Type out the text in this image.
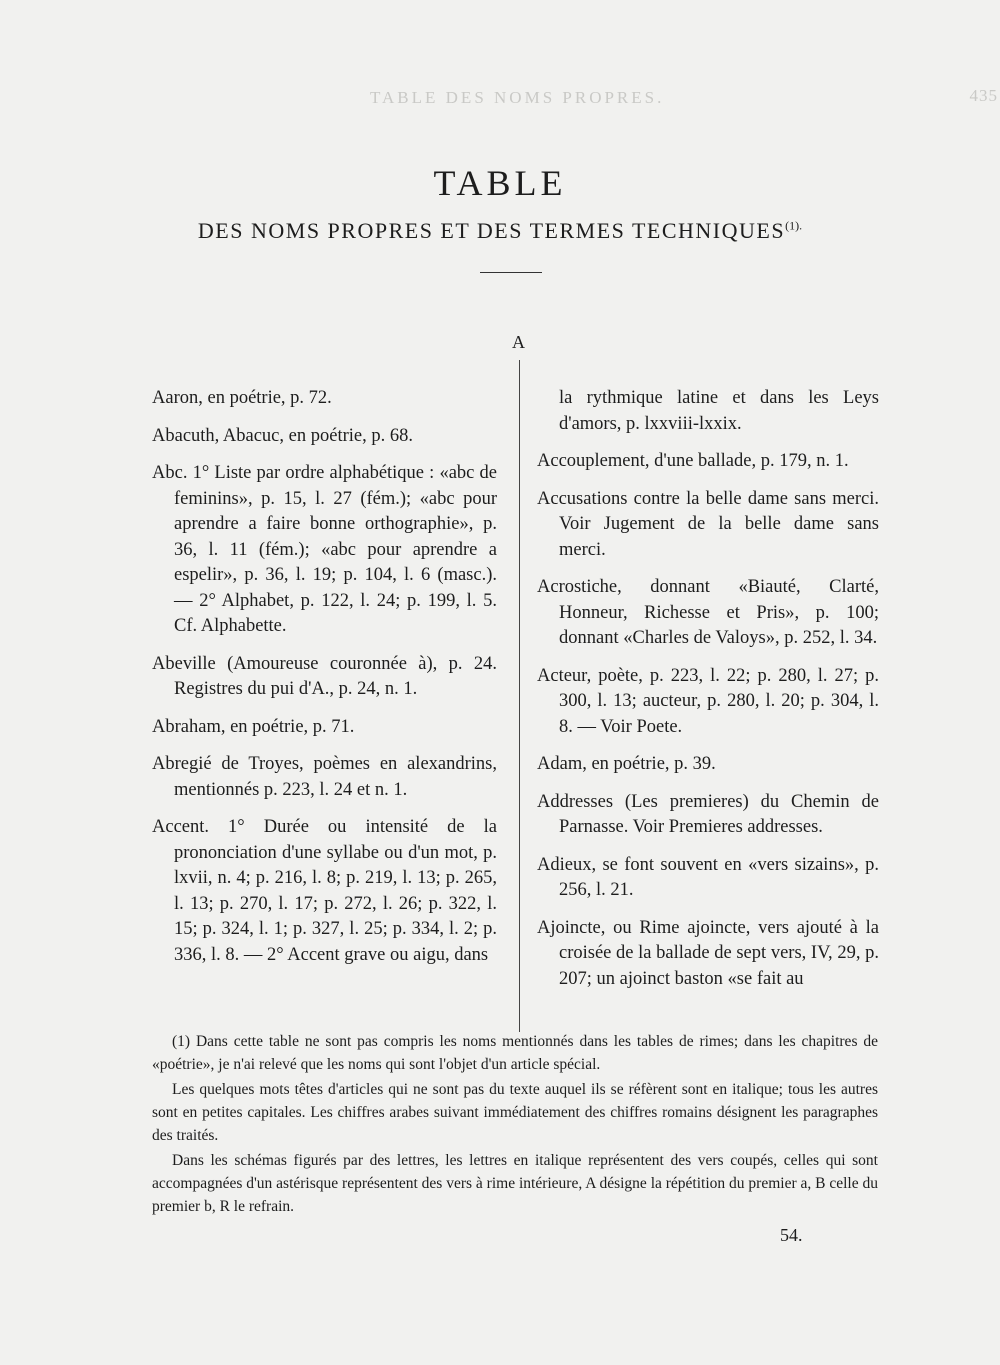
TABLE DES NOMS PROPRES.	435
TABLE
DES NOMS PROPRES ET DES TERMES $TECHNIQUES^{(1).}$
A

Aaron, en poétrie, p. 72.

Abacuth, Abacuc, en poétrie, p. 68.

Abc. 1° Liste par ordre alphabétique : «abc de feminins», p. 15, l. 27 (fém.); «abc pour aprendre a faire bonne orthographie», p. 36, l. 11 (fém.); «abc pour aprendre a espelir», p. 36, l. 19; p. 104, l. 6 (masc.). — 2° Alphabet, p. 122, l. 24; p. 199, l. 5. Cf. Alphabette.

Abeville (Amoureuse couronnée à), p. 24. Registres du pui d'A., p. 24, n. 1.

Abraham, en poétrie, p. 71.

Abregié de Troyes, poèmes en alexandrins, mentionnés p. 223, l. 24 et n. 1.

Accent. 1° Durée ou intensité de la prononciation d'une syllabe ou d'un mot, p. lxvii, n. 4; p. 216, l. 8; p. 219, l. 13; p. 265, l. 13; p. 270, l. 17; p. 272, l. 26; p. 322, l. 15; p. 324, l. 1; p. 327, l. 25; p. 334, l. 2; p. 336, l. 8. — 2° Accent grave ou aigu, dans

la rythmique latine et dans les Leys d'amors, p. lxxviii-lxxix.

Accouplement, d'une ballade, p. 179, n. 1.

Accusations contre la belle dame sans merci. Voir Jugement de la belle dame sans merci.

Acrostiche, donnant «Biauté, Clarté, Honneur, Richesse et Pris», p. 100; donnant «Charles de Valoys», p. 252, l. 34.

Acteur, poète, p. 223, l. 22; p. 280, l. 27; p. 300, l. 13; aucteur, p. 280, l. 20; p. 304, l. 8. — Voir Poete.

Adam, en poétrie, p. 39.

Addresses (Les premieres) du Chemin de Parnasse. Voir Premieres addresses.

Adieux, se font souvent en «vers sizains», p. 256, l. 21.

Ajoincte, ou Rime ajoincte, vers ajouté à la croisée de la ballade de sept vers, IV, 29, p. 207; un ajoinct baston «se fait au

(1) Dans cette table ne sont pas compris les noms mentionnés dans les tables de rimes; dans les chapitres de «poétrie», je n'ai relevé que les noms qui sont l'objet d'un article spécial.

Les quelques mots têtes d'articles qui ne sont pas du texte auquel ils se réfèrent sont en italique; tous les autres sont en petites capitales. Les chiffres arabes suivant immédiatement des chiffres romains désignent les paragraphes des traités.

Dans les schémas figurés par des lettres, les lettres en italique représentent des vers coupés, celles qui sont accompagnées d'un astérisque représentent des vers à rime intérieure, A désigne la répétition du premier a, B celle du premier b, R le refrain.

54.
